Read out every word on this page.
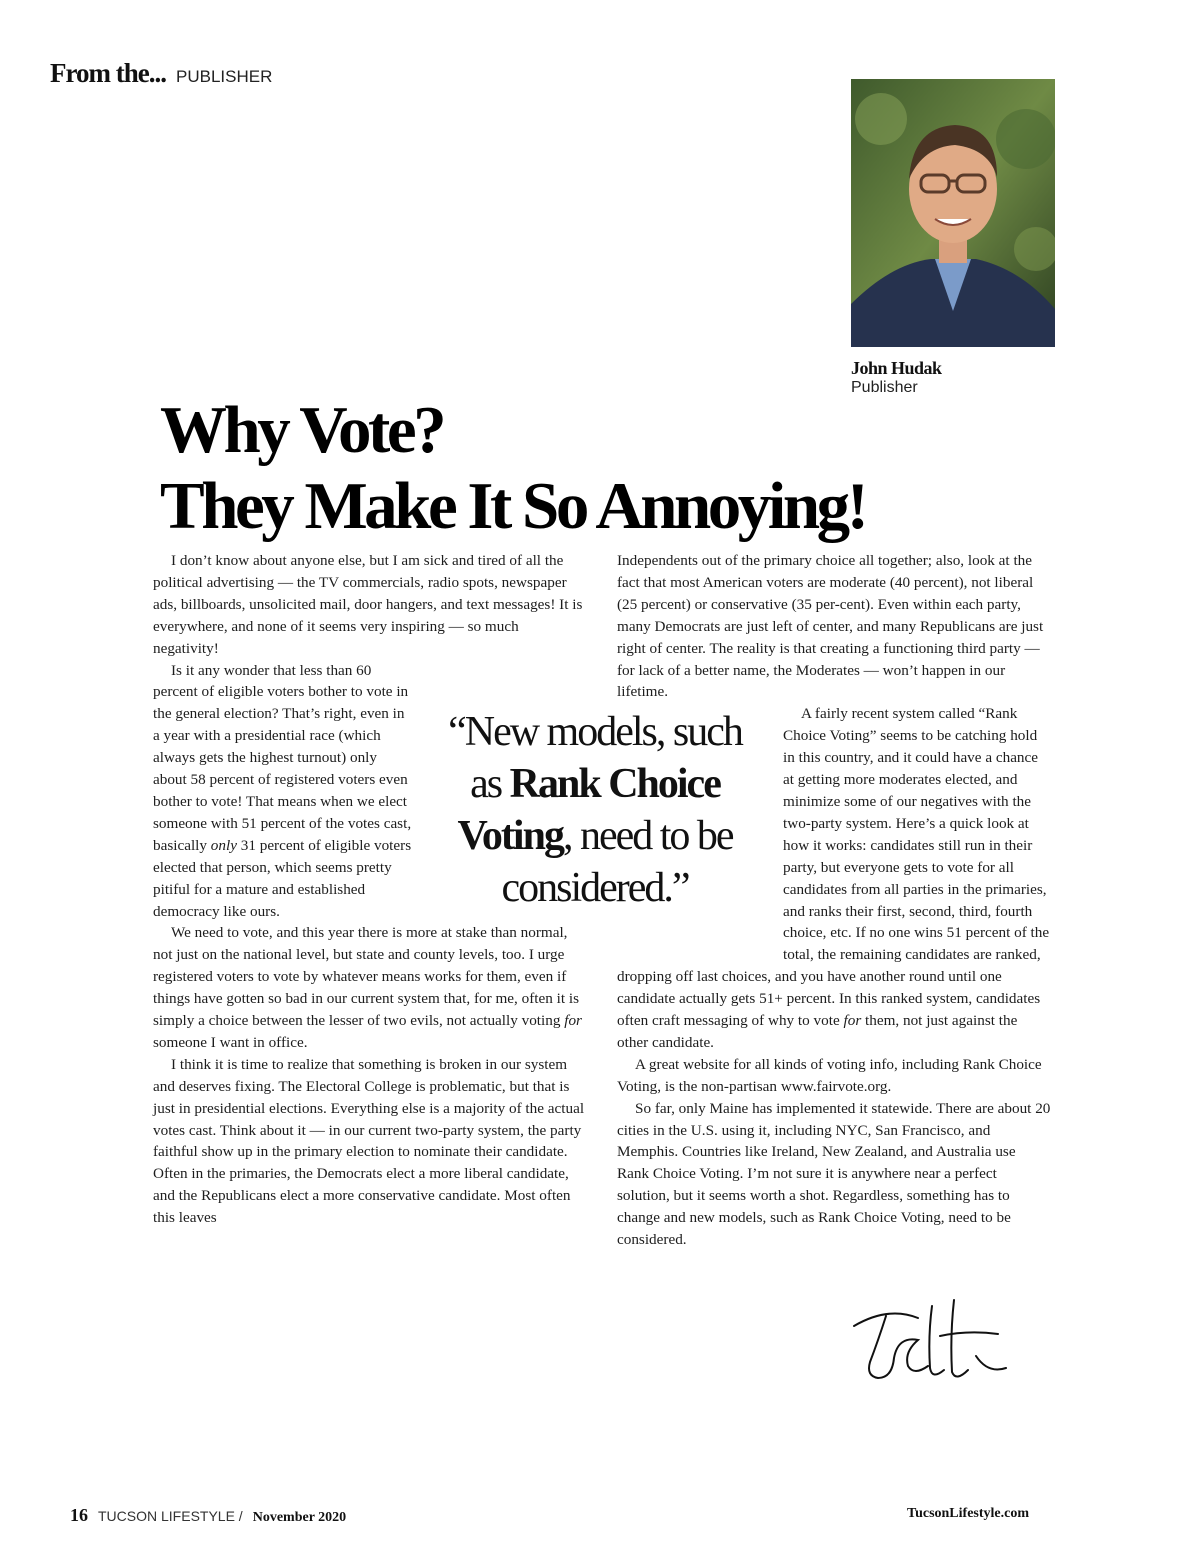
From the... PUBLISHER
John Hudak
Publisher
Why Vote?
They Make It So Annoying!

I don’t know about anyone else, but I am sick and tired of all the political advertising — the TV commercials, radio spots, newspaper ads, billboards, unsolicited mail, door hangers, and text messages! It is everywhere, and none of it seems very inspiring — so much negativity!

Is it any wonder that less than 60 percent of eligible voters bother to vote in the general election? That’s right, even in a year with a presidential race (which always gets the highest turnout) only about 58 percent of registered voters even bother to vote! That means when we elect someone with 51 percent of the votes cast, basically only 31 percent of eligible voters elected that person, which seems pretty pitiful for a mature and established democracy like ours.

We need to vote, and this year there is more at stake than normal, not just on the national level, but state and county levels, too. I urge registered voters to vote by whatever means works for them, even if things have gotten so bad in our current system that, for me, often it is simply a choice between the lesser of two evils, not actually voting for someone I want in office.

I think it is time to realize that something is broken in our system and deserves fixing. The Electoral College is problematic, but that is just in presidential elections. Everything else is a majority of the actual votes cast. Think about it — in our current two-party system, the party faithful show up in the primary election to nominate their candidate. Often in the primaries, the Democrats elect a more liberal candidate, and the Republicans elect a more conservative candidate. Most often this leaves

Independents out of the primary choice all together; also, look at the fact that most American voters are moderate (40 percent), not liberal (25 percent) or conservative (35 per-cent). Even within each party, many Democrats are just left of center, and many Republicans are just right of center. The reality is that creating a functioning third party — for lack of a better name, the Moderates — won’t happen in our lifetime.

A fairly recent system called “Rank Choice Voting” seems to be catching hold in this country, and it could have a chance at getting more moderates elected, and minimize some of our negatives with the two-party system. Here’s a quick look at how it works: candidates still run in their party, but everyone gets to vote for all candidates from all parties in the primaries, and ranks their first, second, third, fourth choice, etc. If no one wins 51 percent of the total, the remaining candidates are ranked, dropping off last choices, and you have another round until one candidate actually gets 51+ percent. In this ranked system, candidates often craft messaging of why to vote for them, not just against the other candidate.

A great website for all kinds of voting info, including Rank Choice Voting, is the non-partisan www.fairvote.org.

So far, only Maine has implemented it statewide. There are about 20 cities in the U.S. using it, including NYC, San Francisco, and Memphis. Countries like Ireland, New Zealand, and Australia use Rank Choice Voting. I’m not sure it is anywhere near a perfect solution, but it seems worth a shot. Regardless, something has to change and new models, such as Rank Choice Voting, need to be considered.

“New models, such as Rank Choice Voting, need to be considered.”
16 TUCSON LIFESTYLE / November 2020	TucsonLifestyle.com
